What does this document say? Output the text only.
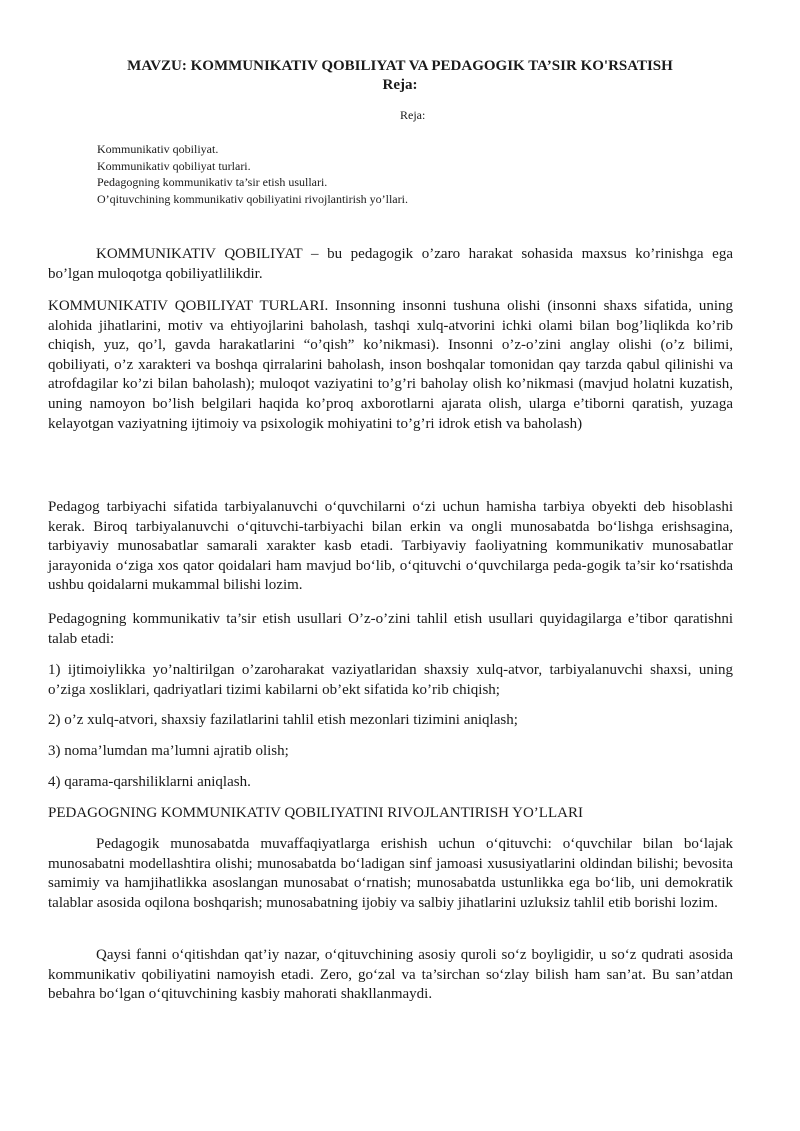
MAVZU: KOMMUNIKATIV QOBILIYAT VA PEDAGOGIK TA’SIR KO'RSATISH

Reja:

Reja:

Kommunikativ qobiliyat.
Kommunikativ qobiliyat turlari.
Pedagogning kommunikativ ta’sir etish usullari.
O’qituvchining kommunikativ qobiliyatini rivojlantirish yo’llari.

KOMMUNIKATIV QOBILIYAT – bu pedagogik o’zaro harakat sohasida maxsus ko’rinishga ega bo’lgan muloqotga qobiliyatlilikdir.

KOMMUNIKATIV QOBILIYAT TURLARI. Insonning insonni tushuna olishi (insonni shaxs sifatida, uning alohida jihatlarini, motiv va ehtiyojlarini baholash, tashqi xulq-atvorini ichki olami bilan bog’liqlikda ko’rib chiqish, yuz, qo’l, gavda harakatlarini “o’qish” ko’nikmasi). Insonni o’z-o’zini anglay olishi (o’z bilimi, qobiliyati, o’z xarakteri va boshqa qirralarini baholash, inson boshqalar tomonidan qay tarzda qabul qilinishi va atrofdagilar ko’zi bilan baholash); muloqot vaziyatini to’g’ri baholay olish ko’nikmasi (mavjud holatni kuzatish, uning namoyon bo’lish belgilari haqida ko’proq axborotlarni ajarata olish, ularga e’tiborni qaratish, yuzaga kelayotgan vaziyatning ijtimoiy va psixologik mohiyatini to’g’ri idrok etish va baholash)

Pedagog tarbiyachi sifatida tarbiyalanuvchi o‘quvchilarni o‘zi uchun hamisha tarbiya obyekti deb hisoblashi kerak. Biroq tarbiyalanuvchi o‘qituvchi-tarbiyachi bilan erkin va ongli munosabatda bo‘lishga erishsagina, tarbiyaviy munosabatlar samarali xarakter kasb etadi. Tarbiyaviy faoliyatning kommunikativ munosabatlar jarayonida o‘ziga xos qator qoidalari ham mavjud bo‘lib, o‘qituvchi o‘quvchilarga peda-gogik ta’sir ko‘rsatishda ushbu qoidalarni mukammal bilishi lozim.

Pedagogning kommunikativ ta’sir etish usullari O’z-o’zini tahlil etish usullari quyidagilarga e’tibor qaratishni talab etadi:

1) ijtimoiylikka yo’naltirilgan o’zaroharakat vaziyatlaridan shaxsiy xulq-atvor, tarbiyalanuvchi shaxsi, uning o’ziga xosliklari, qadriyatlari tizimi kabilarni ob’ekt sifatida ko’rib chiqish;

2) o’z xulq-atvori, shaxsiy fazilatlarini tahlil etish mezonlari tizimini aniqlash;

3) noma’lumdan ma’lumni ajratib olish;

4) qarama-qarshiliklarni aniqlash.

PEDAGOGNING KOMMUNIKATIV QOBILIYATINI RIVOJLANTIRISH YO’LLARI

Pedagogik munosabatda muvaffaqiyatlarga erishish uchun o‘qituvchi: o‘quvchilar bilan bo‘lajak munosabatni modellashtira olishi; munosabatda bo‘ladigan sinf jamoasi xususiyatlarini oldindan bilishi; bevosita samimiy va hamjihatlikka asoslangan munosabat o‘rnatish; munosabatda ustunlikka ega bo‘lib, uni demokratik talablar asosida oqilona boshqarish; munosabatning ijobiy va salbiy jihatlarini uzluksiz tahlil etib borishi lozim.

Qaysi fanni o‘qitishdan qat’iy nazar, o‘qituvchining asosiy quroli so‘z boyligidir, u so‘z qudrati asosida kommunikativ qobiliyatini namoyish etadi. Zero, go‘zal va ta’sirchan so‘zlay bilish ham san’at. Bu san’atdan bebahra bo‘lgan o‘qituvchining kasbiy mahorati shakllanmaydi.
